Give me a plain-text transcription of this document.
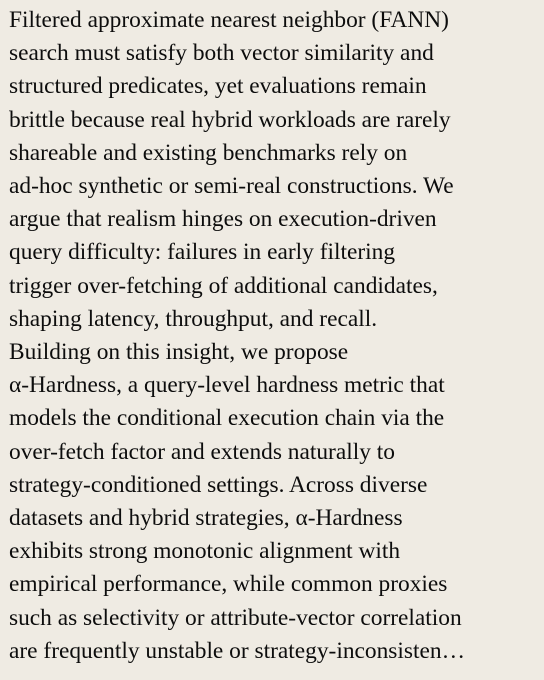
Filtered approximate nearest neighbor (FANN)
search must satisfy both vector similarity and
structured predicates, yet evaluations remain
brittle because real hybrid workloads are rarely
shareable and existing benchmarks rely on
ad-hoc synthetic or semi-real constructions. We
argue that realism hinges on execution-driven
query difficulty: failures in early filtering
trigger over-fetching of additional candidates,
shaping latency, throughput, and recall.
Building on this insight, we propose
α-Hardness, a query-level hardness metric that
models the conditional execution chain via the
over-fetch factor and extends naturally to
strategy-conditioned settings. Across diverse
datasets and hybrid strategies, α-Hardness
exhibits strong monotonic alignment with
empirical performance, while common proxies
such as selectivity or attribute-vector correlation
are frequently unstable or strategy-inconsisten…
